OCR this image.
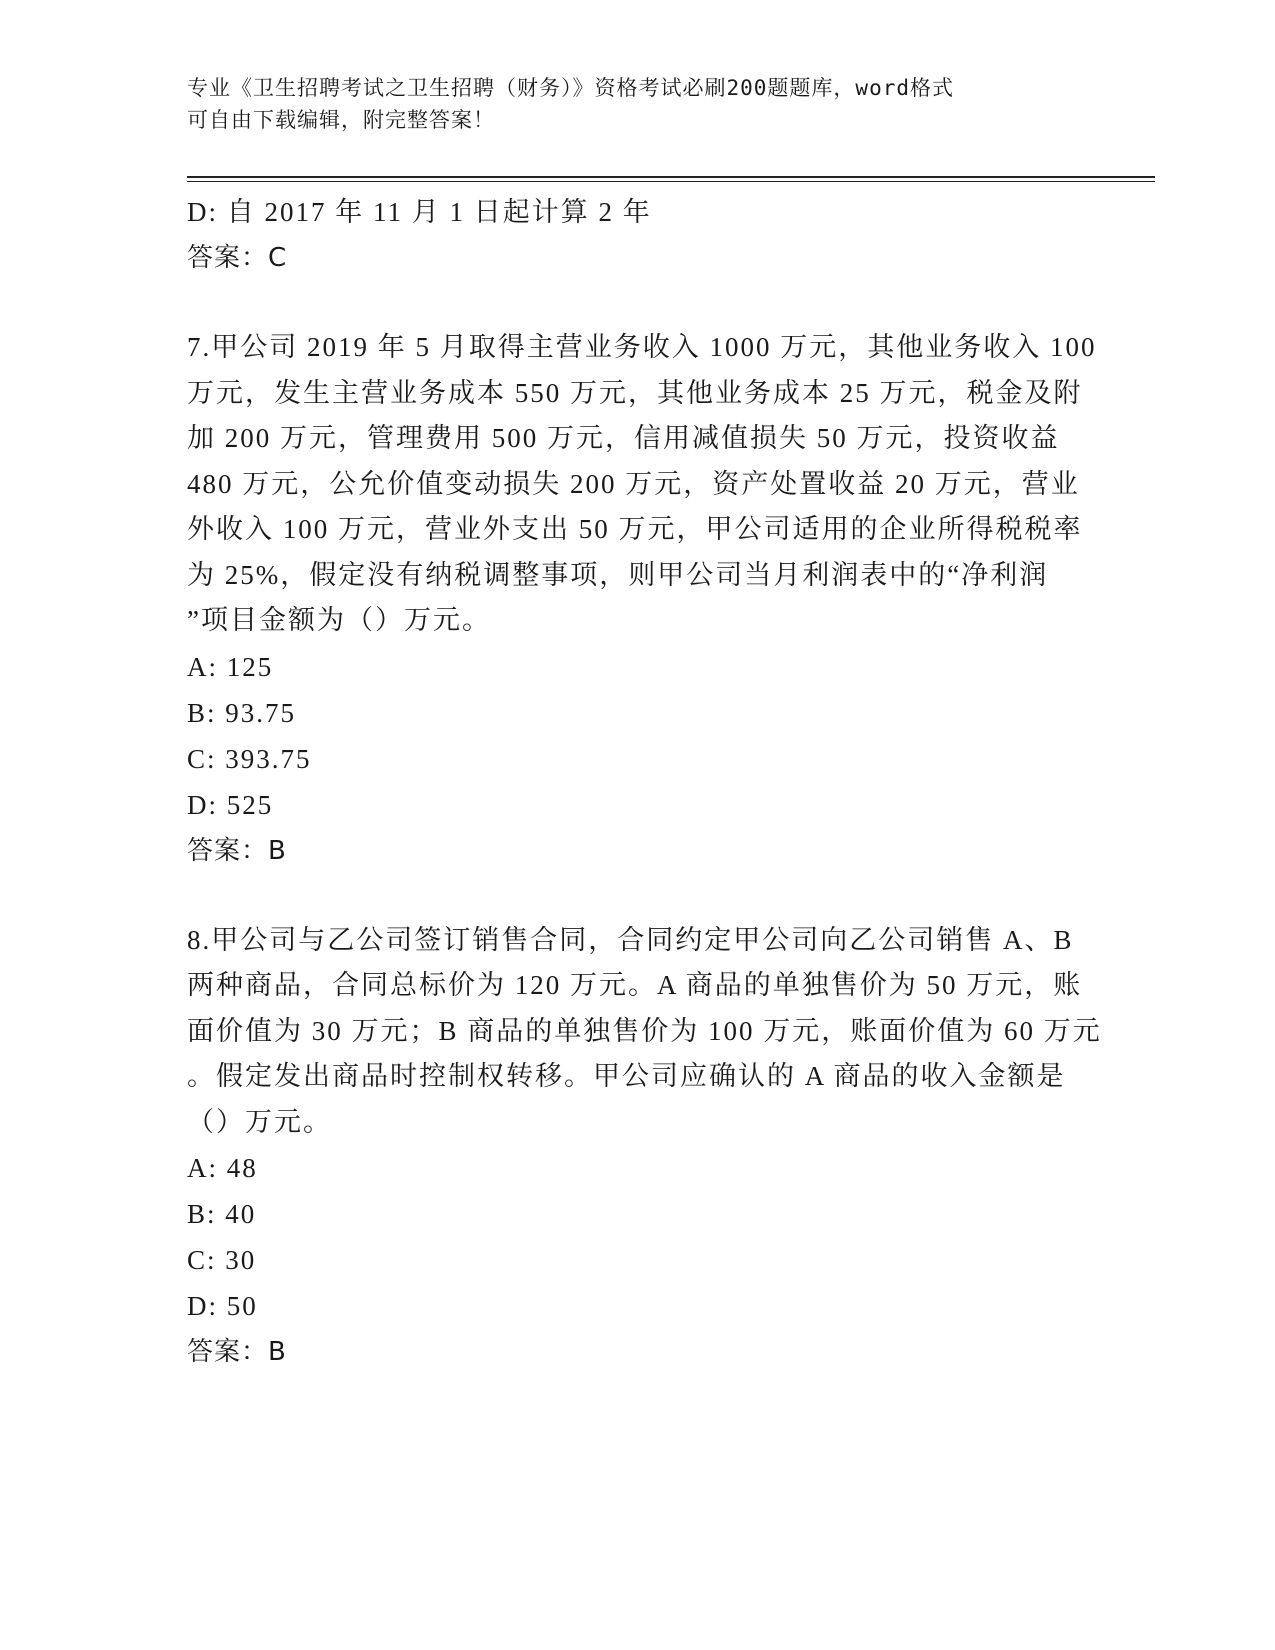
专业《卫生招聘考试之卫生招聘（财务）》资格考试必刷200题题库，word格式
可自由下载编辑，附完整答案！
D: 自 2017 年 11 月 1 日起计算 2 年
答案：C
7.甲公司 2019 年 5 月取得主营业务收入 1000 万元，其他业务收入 100
万元，发生主营业务成本 550 万元，其他业务成本 25 万元，税金及附
加 200 万元，管理费用 500 万元，信用减值损失 50 万元，投资收益
480 万元，公允价值变动损失 200 万元，资产处置收益 20 万元，营业
外收入 100 万元，营业外支出 50 万元，甲公司适用的企业所得税税率
为 25%，假定没有纳税调整事项，则甲公司当月利润表中的“净利润
”项目金额为（）万元。
A: 125
B: 93.75
C: 393.75
D: 525
答案：B
8.甲公司与乙公司签订销售合同，合同约定甲公司向乙公司销售 A、B
两种商品，合同总标价为 120 万元。A 商品的单独售价为 50 万元，账
面价值为 30 万元；B 商品的单独售价为 100 万元，账面价值为 60 万元
。假定发出商品时控制权转移。甲公司应确认的 A 商品的收入金额是
（）万元。
A: 48
B: 40
C: 30
D: 50
答案：B
